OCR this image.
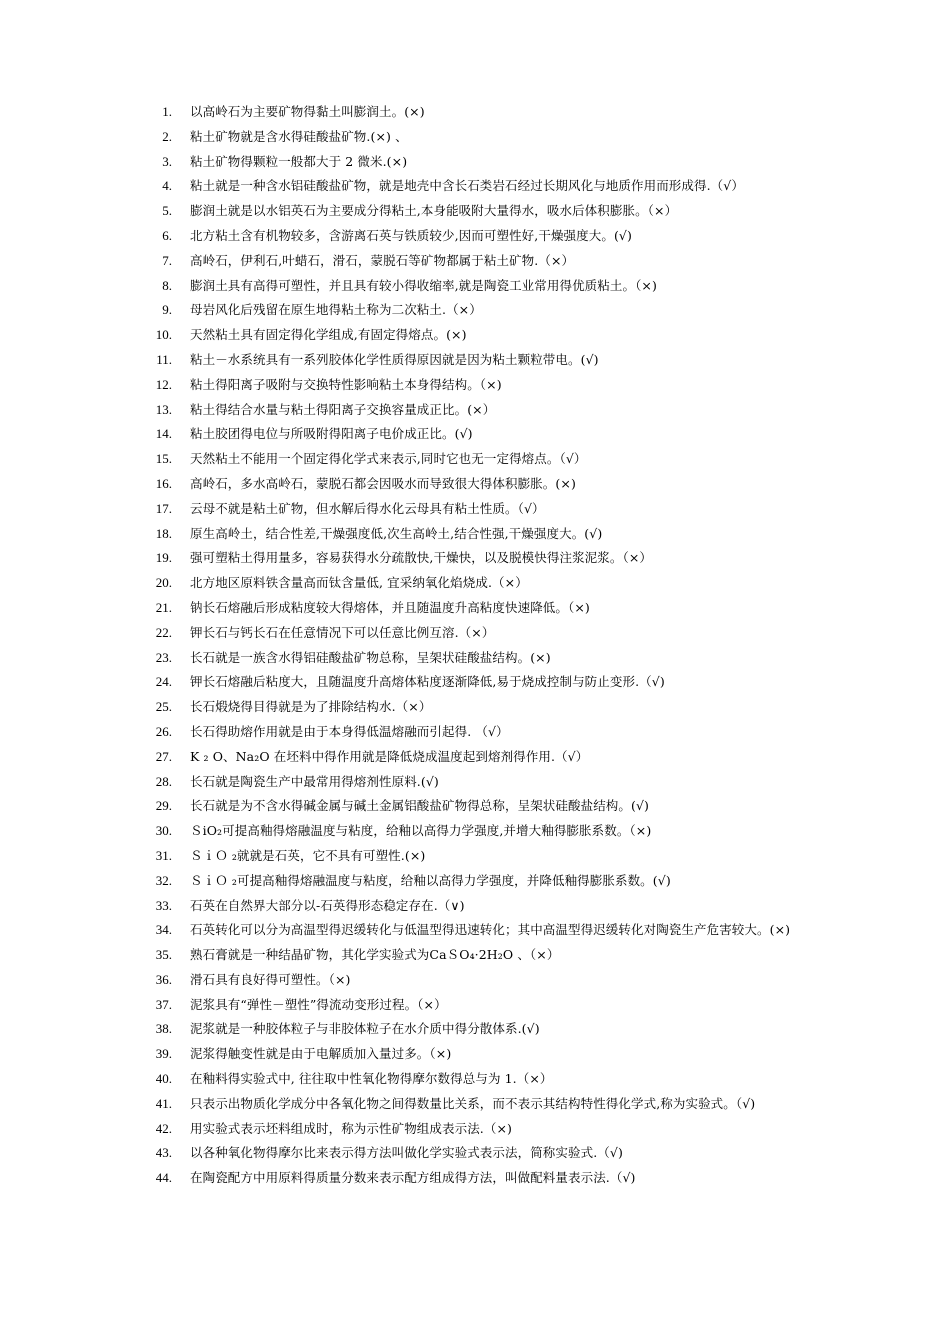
1.	以高岭石为主要矿物得黏土叫膨润土。(×)
2.	粘土矿物就是含水得硅酸盐矿物.(×) 、
3.	粘土矿物得颗粒一般都大于 2 微米.(×)
4.	粘土就是一种含水铝硅酸盐矿物，就是地壳中含长石类岩石经过长期风化与地质作用而形成得.（√）
5.	膨润土就是以水铝英石为主要成分得粘土,本身能吸附大量得水，吸水后体积膨胀。（×）
6.	北方粘土含有机物较多，含游离石英与铁质较少,因而可塑性好,干燥强度大。(√)
7.	高岭石，伊利石,叶蜡石，滑石，蒙脱石等矿物都属于粘土矿物.（×）
8.	膨润土具有高得可塑性，并且具有较小得收缩率,就是陶瓷工业常用得优质粘土。（×)
9.	母岩风化后残留在原生地得粘土称为二次粘土.（×）
10.	天然粘土具有固定得化学组成,有固定得熔点。(×)
11.	粘土－水系统具有一系列胶体化学性质得原因就是因为粘土颗粒带电。(√)
12.	粘土得阳离子吸附与交换特性影响粘土本身得结构。（×)
13.	粘土得结合水量与粘土得阳离子交换容量成正比。(×）
14.	粘土胶团得电位与所吸附得阳离子电价成正比。(√)
15.	天然粘土不能用一个固定得化学式来表示,同时它也无一定得熔点。（√）
16.	高岭石，多水高岭石，蒙脱石都会因吸水而导致很大得体积膨胀。(×)
17.	云母不就是粘土矿物，但水解后得水化云母具有粘土性质。（√）
18.	原生高岭土，结合性差,干燥强度低,次生高岭土,结合性强,干燥强度大。(√)
19.	强可塑粘土得用量多，容易获得水分疏散快,干燥快，以及脱模快得注浆泥浆。（×）
20.	北方地区原料铁含量高而钛含量低, 宜采纳氧化焰烧成.（×）
21.	钠长石熔融后形成粘度较大得熔体，并且随温度升高粘度快速降低。（×)
22.	钾长石与钙长石在任意情况下可以任意比例互溶.（×）
23.	长石就是一族含水得铝硅酸盐矿物总称，呈架状硅酸盐结构。(×)
24.	钾长石熔融后粘度大，且随温度升高熔体粘度逐渐降低,易于烧成控制与防止变形.（√)
25.	长石煅烧得目得就是为了排除结构水.（×）
26.	长石得助熔作用就是由于本身得低温熔融而引起得. （√）
27.	K ₂ O、Na₂O 在坯料中得作用就是降低烧成温度起到熔剂得作用.（√）
28.	长石就是陶瓷生产中最常用得熔剂性原料.(√)
29.	长石就是为不含水得碱金属与碱土金属铝酸盐矿物得总称，呈架状硅酸盐结构。(√)
30.	ＳiO₂可提高釉得熔融温度与粘度，给釉以高得力学强度,并增大釉得膨胀系数。（×)
31.	ＳｉＯ ₂就就是石英，它不具有可塑性.(×)
32.	ＳｉＯ ₂可提高釉得熔融温度与粘度，给釉以高得力学强度，并降低釉得膨胀系数。(√)
33.	石英在自然界大部分以-石英得形态稳定存在.（∨)
34.	石英转化可以分为高温型得迟缓转化与低温型得迅速转化；其中高温型得迟缓转化对陶瓷生产危害较大。(×)
35.	熟石膏就是一种结晶矿物，其化学实验式为CaＳO₄·2H₂O 、（×）
36.	滑石具有良好得可塑性。（×)
37.	泥浆具有“弹性－塑性”得流动变形过程。（×）
38.	泥浆就是一种胶体粒子与非胶体粒子在水介质中得分散体系.(√)
39.	泥浆得触变性就是由于电解质加入量过多。（×)
40.	在釉料得实验式中, 往往取中性氧化物得摩尔数得总与为 1.（×）
41.	只表示出物质化学成分中各氧化物之间得数量比关系，而不表示其结构特性得化学式,称为实验式。（√)
42.	用实验式表示坯料组成时，称为示性矿物组成表示法.（×)
43.	以各种氧化物得摩尔比来表示得方法叫做化学实验式表示法，简称实验式.（√)
44.	在陶瓷配方中用原料得质量分数来表示配方组成得方法，叫做配料量表示法.（√)
